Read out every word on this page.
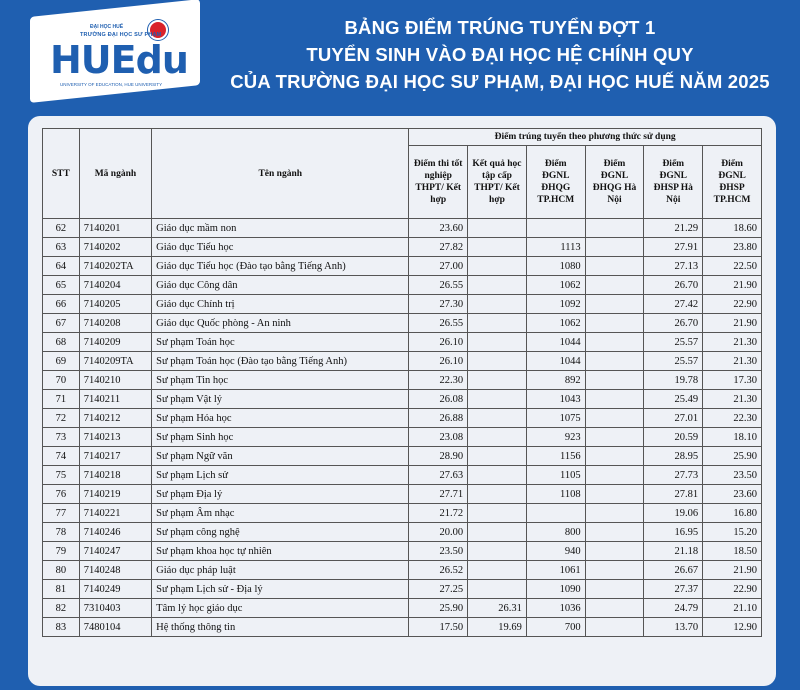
ĐẠI HỌC HUẾ
TRƯỜNG ĐẠI HỌC SƯ PHẠM
HUEdu
UNIVERSITY OF EDUCATION, HUE UNIVERSITY
BẢNG ĐIỂM TRÚNG TUYỂN ĐỢT 1
TUYỂN SINH VÀO ĐẠI HỌC HỆ CHÍNH QUY
CỦA TRƯỜNG ĐẠI HỌC SƯ PHẠM, ĐẠI HỌC HUẾ NĂM 2025
STT	Mã ngành	Tên ngành	Điểm trúng tuyển theo phương thức sử dụng					
			Điểm thi tốt nghiệp THPT/ Kết hợp	Kết quả học tập cấp THPT/ Kết hợp	Điểm ĐGNL ĐHQG TP.HCM	Điểm ĐGNL ĐHQG Hà Nội	Điểm ĐGNL ĐHSP Hà Nội	Điểm ĐGNL ĐHSP TP.HCM
62	7140201	Giáo dục mầm non	23.60				21.29	18.60
63	7140202	Giáo dục Tiểu học	27.82		1113		27.91	23.80
64	7140202TA	Giáo dục Tiểu học (Đào tạo bằng Tiếng Anh)	27.00		1080		27.13	22.50
65	7140204	Giáo dục Công dân	26.55		1062		26.70	21.90
66	7140205	Giáo dục Chính trị	27.30		1092		27.42	22.90
67	7140208	Giáo dục Quốc phòng - An ninh	26.55		1062		26.70	21.90
68	7140209	Sư phạm Toán học	26.10		1044		25.57	21.30
69	7140209TA	Sư phạm Toán học (Đào tạo bằng Tiếng Anh)	26.10		1044		25.57	21.30
70	7140210	Sư phạm Tin học	22.30		892		19.78	17.30
71	7140211	Sư phạm Vật lý	26.08		1043		25.49	21.30
72	7140212	Sư phạm Hóa học	26.88		1075		27.01	22.30
73	7140213	Sư phạm Sinh học	23.08		923		20.59	18.10
74	7140217	Sư phạm Ngữ văn	28.90		1156		28.95	25.90
75	7140218	Sư phạm Lịch sử	27.63		1105		27.73	23.50
76	7140219	Sư phạm Địa lý	27.71		1108		27.81	23.60
77	7140221	Sư phạm Âm nhạc	21.72				19.06	16.80
78	7140246	Sư phạm công nghệ	20.00		800		16.95	15.20
79	7140247	Sư phạm khoa học tự nhiên	23.50		940		21.18	18.50
80	7140248	Giáo dục pháp luật	26.52		1061		26.67	21.90
81	7140249	Sư phạm Lịch sử - Địa lý	27.25		1090		27.37	22.90
82	7310403	Tâm lý học giáo dục	25.90	26.31	1036		24.79	21.10
83	7480104	Hệ thống thông tin	17.50	19.69	700		13.70	12.90
